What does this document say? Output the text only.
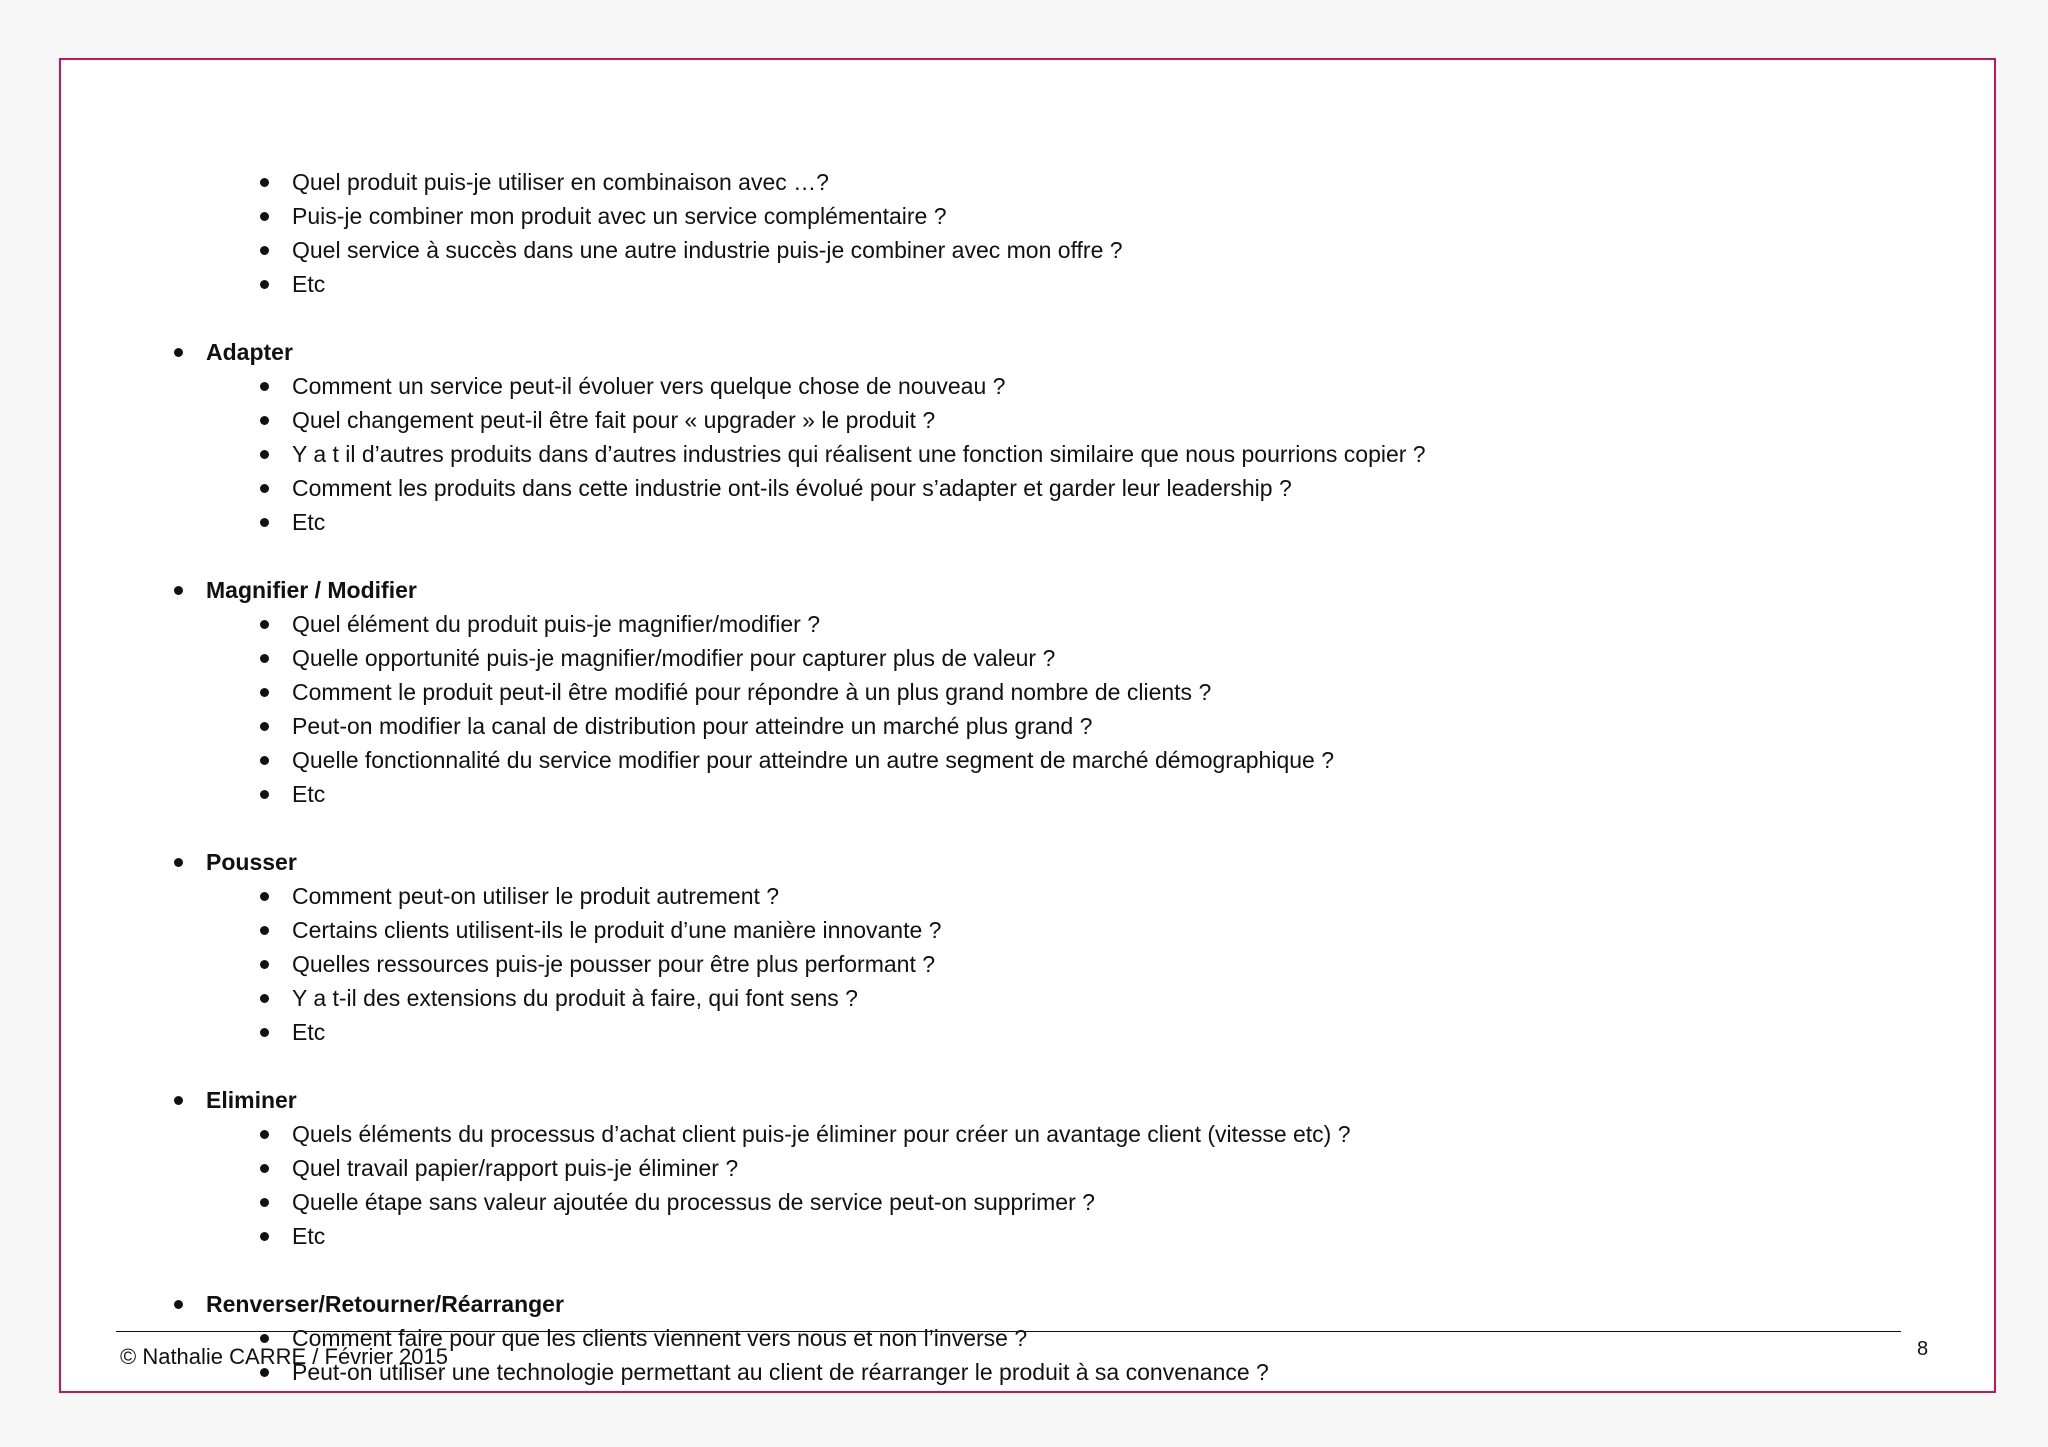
Quel produit puis-je utiliser en combinaison avec …?
Puis-je combiner mon produit avec un service complémentaire ?
Quel service à succès dans une autre industrie puis-je combiner avec mon offre ?
Etc
Adapter
Comment un service peut-il évoluer vers quelque chose de nouveau ?
Quel changement peut-il être fait pour « upgrader » le produit ?
Y a t il d’autres produits dans d’autres industries qui réalisent une fonction similaire que nous pourrions copier ?
Comment les produits dans cette industrie ont-ils évolué pour s’adapter et garder leur leadership ?
Etc
Magnifier / Modifier
Quel élément du produit puis-je magnifier/modifier ?
Quelle opportunité puis-je magnifier/modifier pour capturer plus de valeur ?
Comment le produit peut-il être modifié pour répondre à un plus grand nombre de clients ?
Peut-on modifier la canal de distribution pour atteindre un marché plus grand ?
Quelle fonctionnalité du service modifier pour atteindre un autre segment de marché démographique ?
Etc
Pousser
Comment peut-on utiliser le produit autrement ?
Certains clients utilisent-ils le produit d’une manière innovante ?
Quelles ressources puis-je pousser pour être plus performant ?
Y a t-il des extensions du produit à faire, qui font sens ?
Etc
Eliminer
Quels éléments du processus d’achat client puis-je éliminer pour créer un avantage client (vitesse etc) ?
Quel travail papier/rapport puis-je éliminer ?
Quelle étape sans valeur ajoutée du processus de service peut-on supprimer ?
Etc
Renverser/Retourner/Réarranger
Comment faire pour que les clients viennent vers nous et non l’inverse ?
Peut-on utiliser une technologie permettant au client de réarranger le produit à sa convenance ?
© Nathalie CARRE / Février 2015	8
